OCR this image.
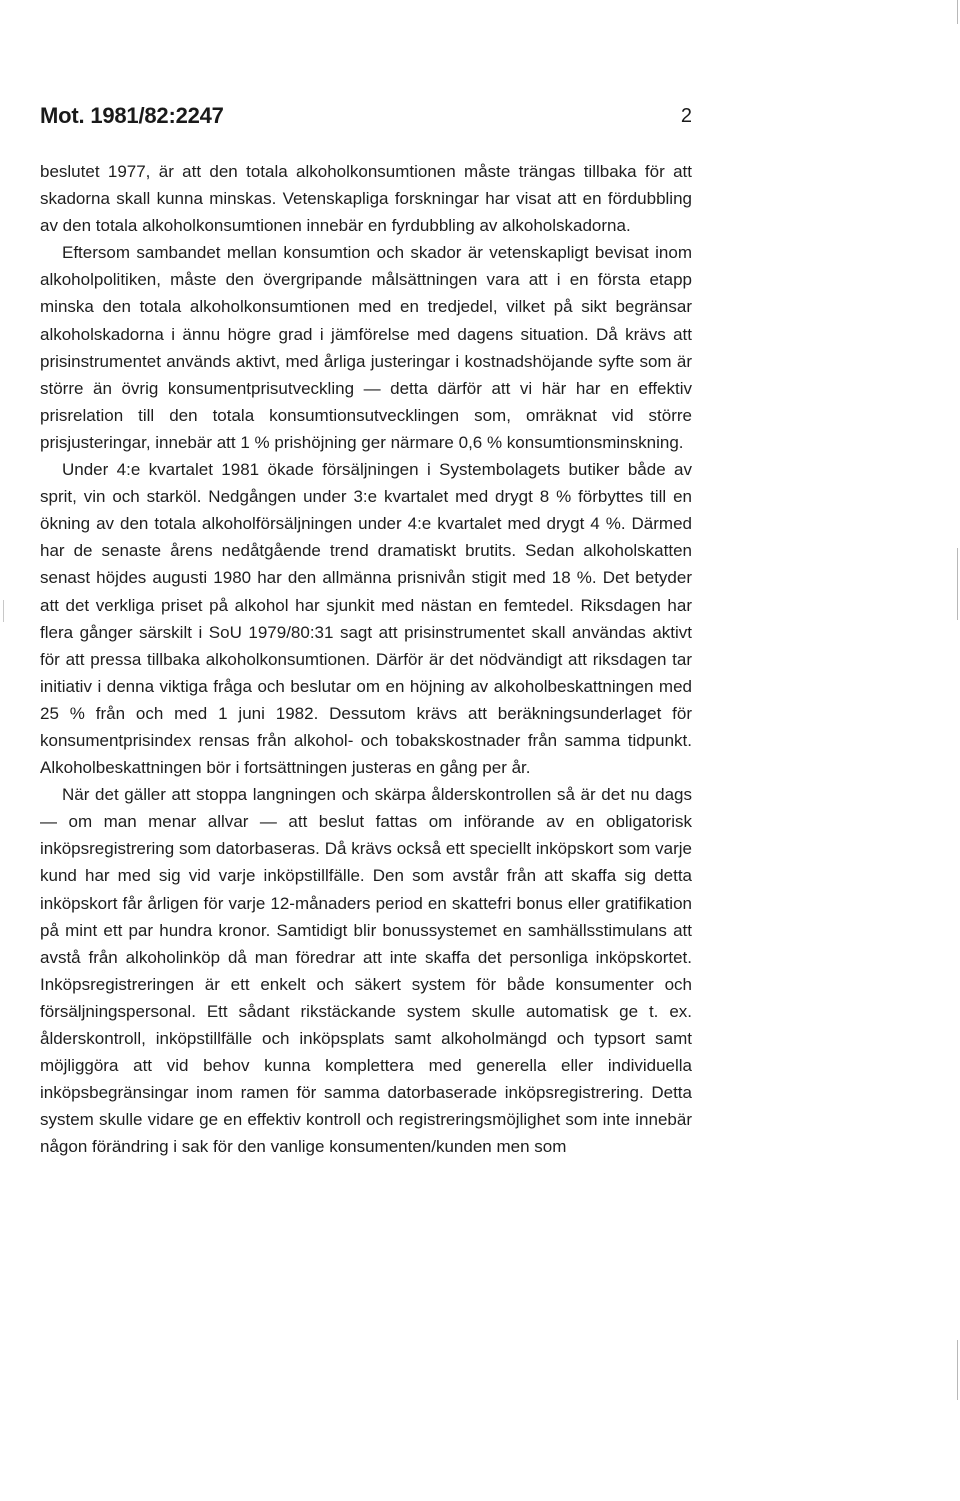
Mot. 1981/82:2247	2

beslutet 1977, är att den totala alkoholkonsumtionen måste trängas tillbaka för att skadorna skall kunna minskas. Vetenskapliga forskningar har visat att en fördubbling av den totala alkoholkonsumtionen innebär en fyrdubbling av alkoholskadorna.

Eftersom sambandet mellan konsumtion och skador är vetenskapligt bevisat inom alkoholpolitiken, måste den övergripande målsättningen vara att i en första etapp minska den totala alkoholkonsumtionen med en tredjedel, vilket på sikt begränsar alkoholskadorna i ännu högre grad i jämförelse med dagens situation. Då krävs att prisinstrumentet används aktivt, med årliga justeringar i kostnadshöjande syfte som är större än övrig konsumentprisutveckling — detta därför att vi här har en effektiv prisrelation till den totala konsumtionsutvecklingen som, omräknat vid större prisjusteringar, innebär att 1 % prishöjning ger närmare 0,6 % konsumtionsminskning.

Under 4:e kvartalet 1981 ökade försäljningen i Systembolagets butiker både av sprit, vin och starköl. Nedgången under 3:e kvartalet med drygt 8 % förbyttes till en ökning av den totala alkoholförsäljningen under 4:e kvartalet med drygt 4 %. Därmed har de senaste årens nedåtgående trend dramatiskt brutits. Sedan alkoholskatten senast höjdes augusti 1980 har den allmänna prisnivån stigit med 18 %. Det betyder att det verkliga priset på alkohol har sjunkit med nästan en femtedel. Riksdagen har flera gånger särskilt i SoU 1979/80:31 sagt att prisinstrumentet skall användas aktivt för att pressa tillbaka alkoholkonsumtionen. Därför är det nödvändigt att riksdagen tar initiativ i denna viktiga fråga och beslutar om en höjning av alkoholbeskattningen med 25 % från och med 1 juni 1982. Dessutom krävs att beräkningsunderlaget för konsumentprisindex rensas från alkohol- och tobakskostnader från samma tidpunkt. Alkoholbeskattningen bör i fortsättningen justeras en gång per år.

När det gäller att stoppa langningen och skärpa ålderskontrollen så är det nu dags — om man menar allvar — att beslut fattas om införande av en obligatorisk inköpsregistrering som datorbaseras. Då krävs också ett speciellt inköpskort som varje kund har med sig vid varje inköpstillfälle. Den som avstår från att skaffa sig detta inköpskort får årligen för varje 12-månaders period en skattefri bonus eller gratifikation på mint ett par hundra kronor. Samtidigt blir bonussystemet en samhällsstimulans att avstå från alkoholinköp då man föredrar att inte skaffa det personliga inköpskortet. Inköpsregistreringen är ett enkelt och säkert system för både konsumenter och försäljningspersonal. Ett sådant rikstäckande system skulle automatisk ge t. ex. ålderskontroll, inköpstillfälle och inköpsplats samt alkoholmängd och typsort samt möjliggöra att vid behov kunna komplettera med generella eller individuella inköpsbegränsingar inom ramen för samma datorbaserade inköpsregistrering. Detta system skulle vidare ge en effektiv kontroll och registreringsmöjlighet som inte innebär någon förändring i sak för den vanlige konsumenten/kunden men som
